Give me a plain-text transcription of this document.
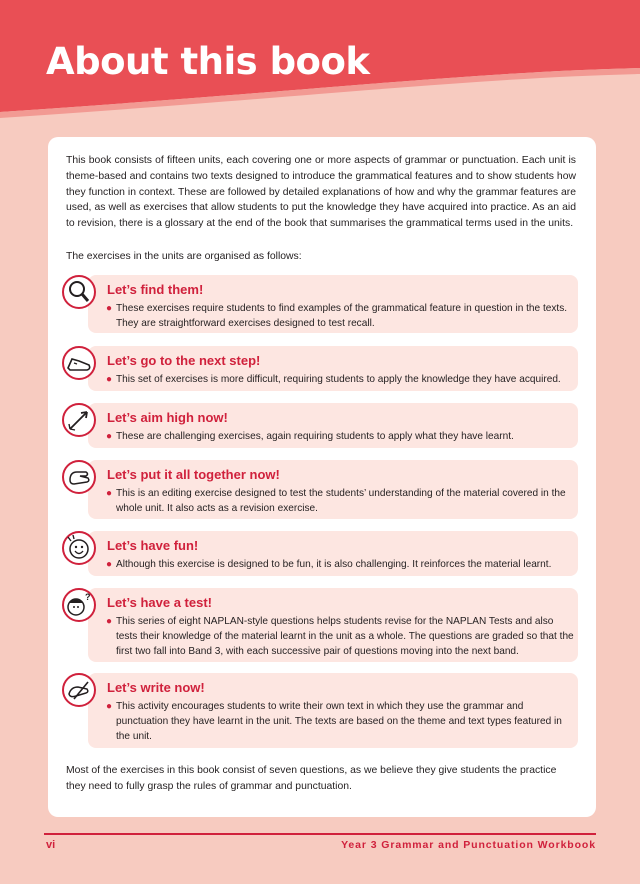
About this book

This book consists of fifteen units, each covering one or more aspects of grammar or punctuation. Each unit is theme-based and contains two texts designed to introduce the grammatical features and to show students how they function in context. These are followed by detailed explanations of how and why the grammar features are used, as well as exercises that allow students to put the knowledge they have acquired into practice. As an aid to revision, there is a glossary at the end of the book that summarises the grammatical terms used in the units.

The exercises in the units are organised as follows:

Let’s find them!
● These exercises require students to find examples of the grammatical feature in question in the texts. They are straightforward exercises designed to test recall.
Let’s go to the next step!
● This set of exercises is more difficult, requiring students to apply the knowledge they have acquired.
Let’s aim high now!
● These are challenging exercises, again requiring students to apply what they have learnt.
Let’s put it all together now!
● This is an editing exercise designed to test the students’ understanding of the material covered in the whole unit. It also acts as a revision exercise.
Let’s have fun!
● Although this exercise is designed to be fun, it is also challenging. It reinforces the material learnt.
? Let’s have a test!
● This series of eight NAPLAN-style questions helps students revise for the NAPLAN Tests and also tests their knowledge of the material learnt in the unit as a whole. The questions are graded so that the first two fall into Band 3, with each successive pair of questions moving into the next band.
Let’s write now!
● This activity encourages students to write their own text in which they use the grammar and punctuation they have learnt in the unit. The texts are based on the theme and text types featured in the unit.

Most of the exercises in this book consist of seven questions, as we believe they give students the practice they need to fully grasp the rules of grammar and punctuation.

vi	Year 3 Grammar and Punctuation Workbook
